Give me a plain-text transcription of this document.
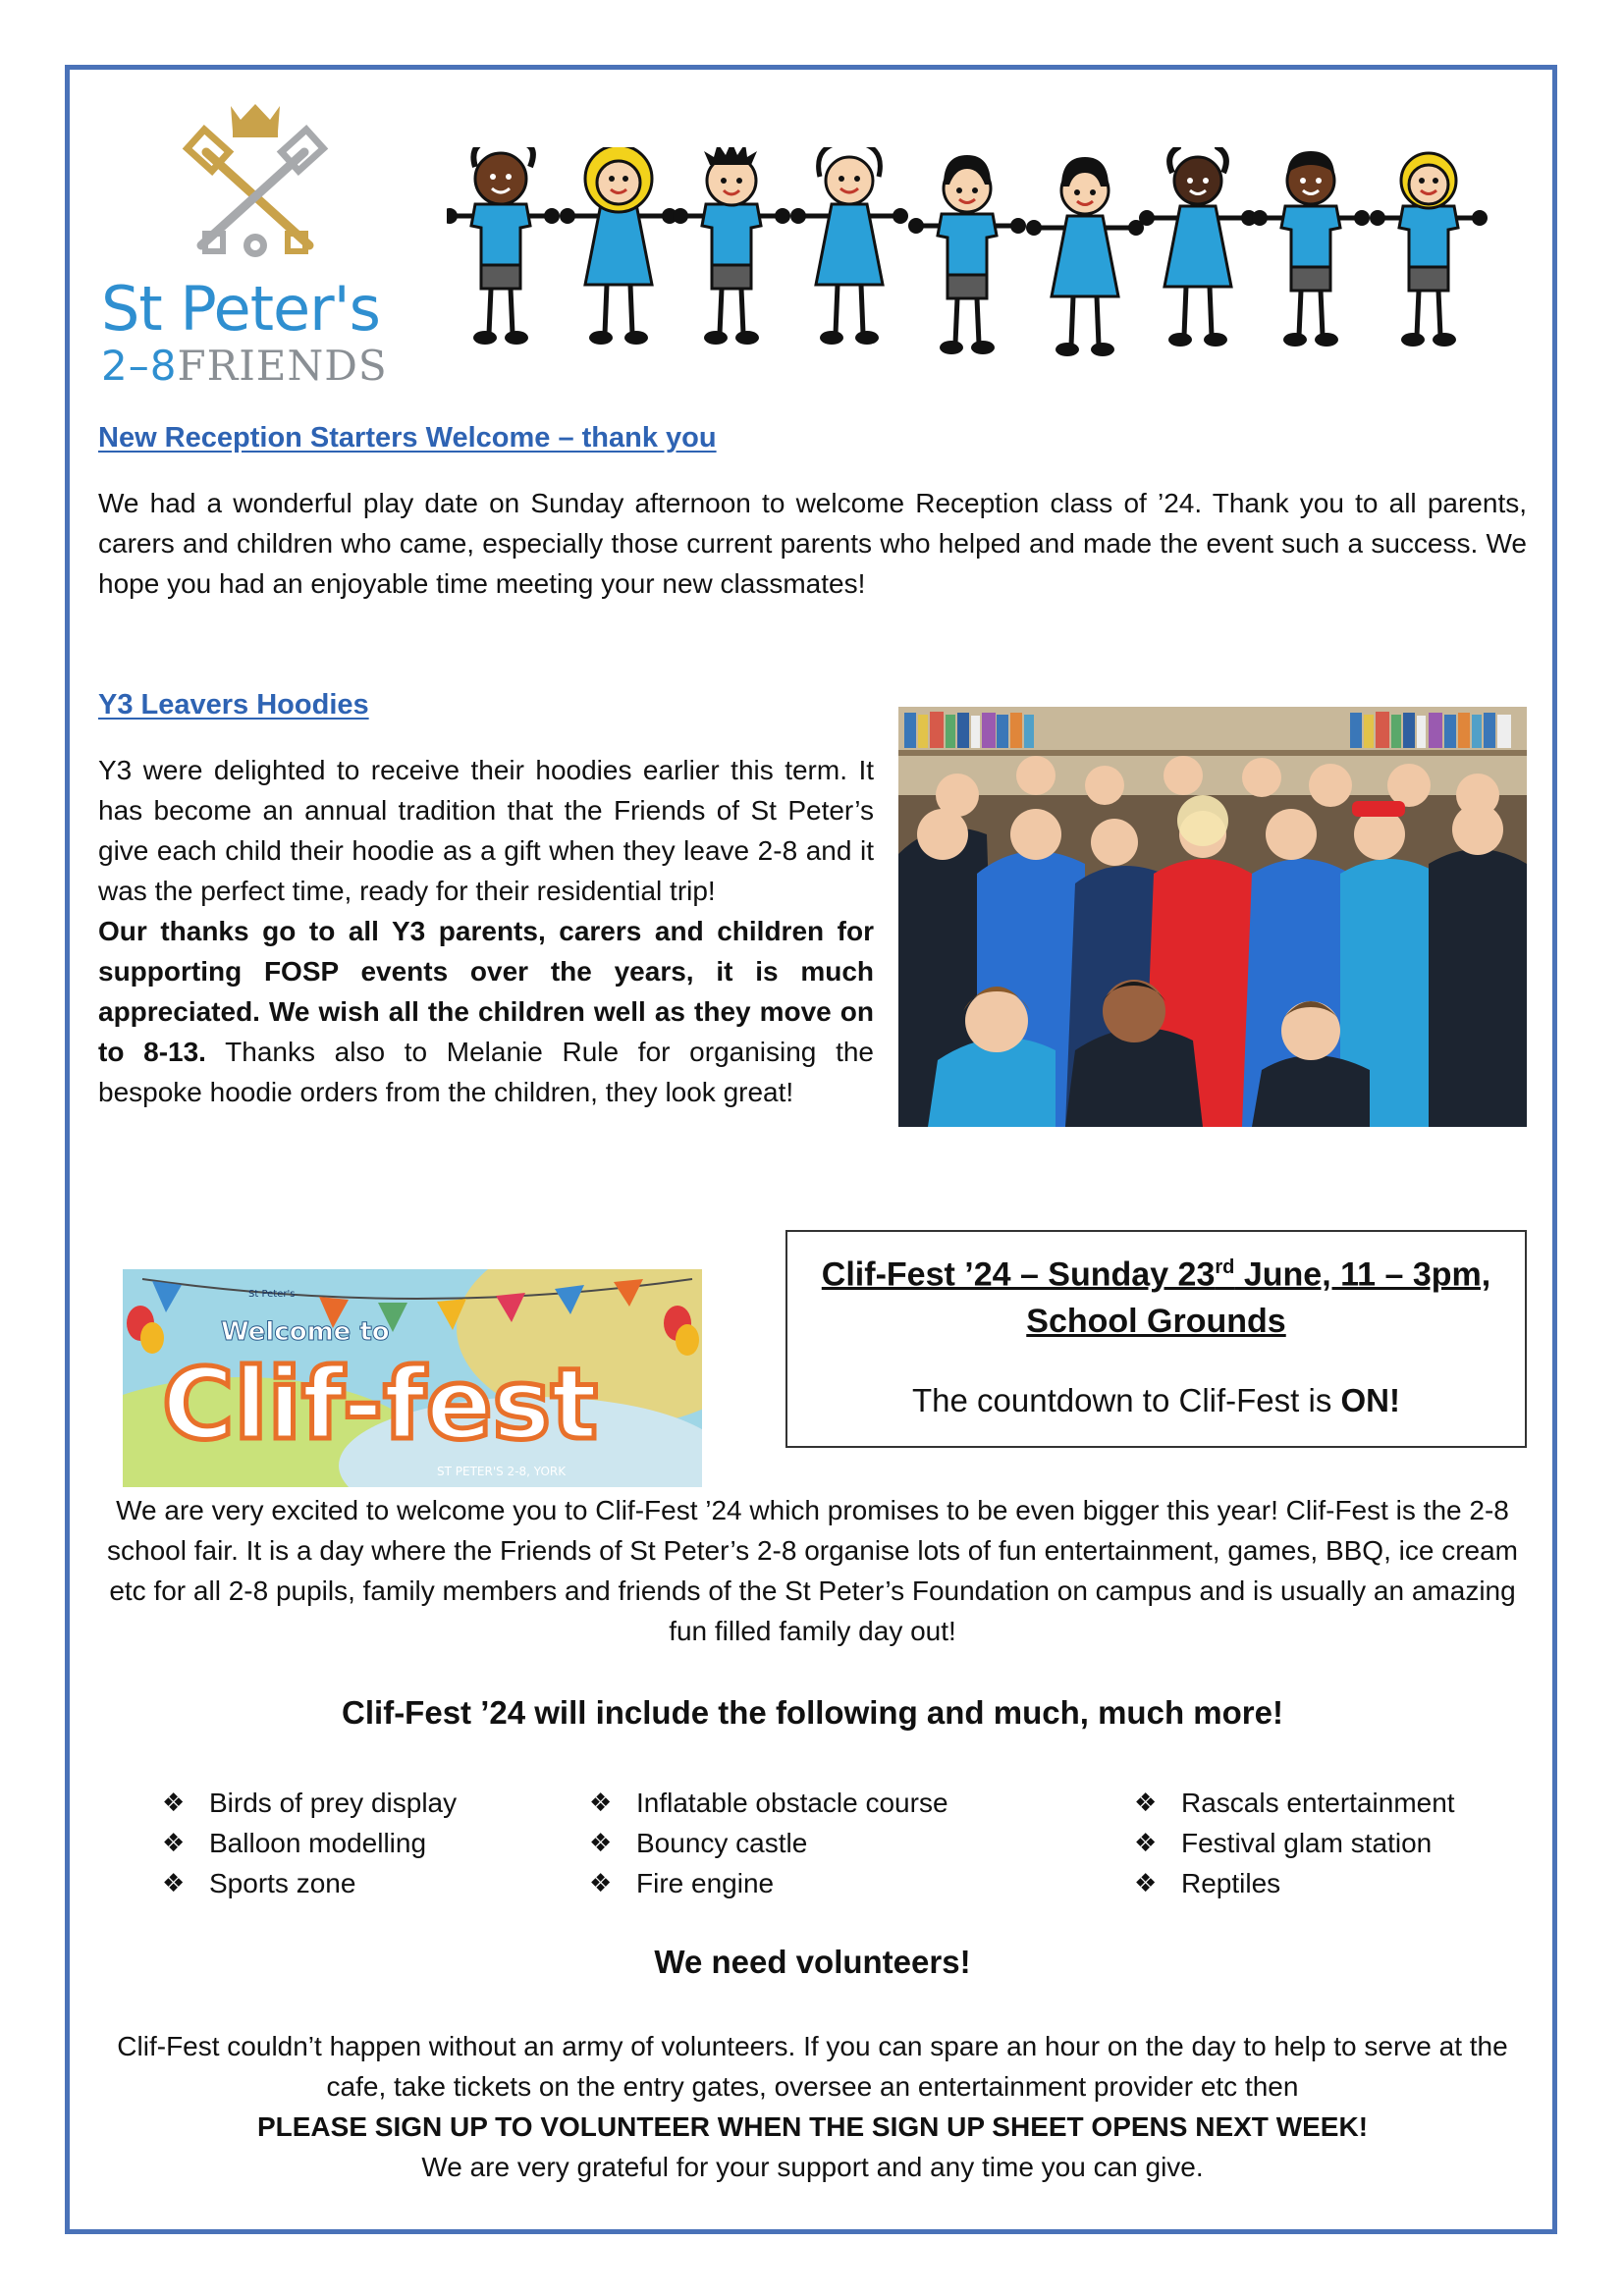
St Peter's
2–8FRIENDS
New Reception Starters Welcome – thank you
We had a wonderful play date on Sunday afternoon to welcome Reception class of ’24. Thank you to all parents, carers and children who came, especially those current parents who helped and made the event such a success. We hope you had an enjoyable time meeting your new classmates!
Y3 Leavers Hoodies
Y3 were delighted to receive their hoodies earlier this term. It has become an annual tradition that the Friends of St Peter’s give each child their hoodie as a gift when they leave 2-8 and it was the perfect time, ready for their residential trip!
Our thanks go to all Y3 parents, carers and children for supporting FOSP events over the years, it is much appreciated. We wish all the children well as they move on to 8-13. Thanks also to Melanie Rule for organising the bespoke hoodie orders from the children, they look great!
Clif-Fest ’24 – Sunday 23rd June, 11 – 3pm,
School Grounds
The countdown to Clif-Fest is ON!
St Peter's
Welcome to
Clif-fest
ST PETER'S 2-8, YORK
We are very excited to welcome you to Clif-Fest ’24 which promises to be even bigger this year! Clif-Fest is the 2-8 school fair. It is a day where the Friends of St Peter’s 2-8 organise lots of fun entertainment, games, BBQ, ice cream etc for all 2-8 pupils, family members and friends of the St Peter’s Foundation on campus and is usually an amazing fun filled family day out!
Clif-Fest ’24 will include the following and much, much more!
❖ Birds of prey display
❖ Balloon modelling
❖ Sports zone
❖ Inflatable obstacle course
❖ Bouncy castle
❖ Fire engine
❖ Rascals entertainment
❖ Festival glam station
❖ Reptiles
We need volunteers!
Clif-Fest couldn’t happen without an army of volunteers. If you can spare an hour on the day to help to serve at the cafe, take tickets on the entry gates, oversee an entertainment provider etc then
PLEASE SIGN UP TO VOLUNTEER WHEN THE SIGN UP SHEET OPENS NEXT WEEK!
We are very grateful for your support and any time you can give.
